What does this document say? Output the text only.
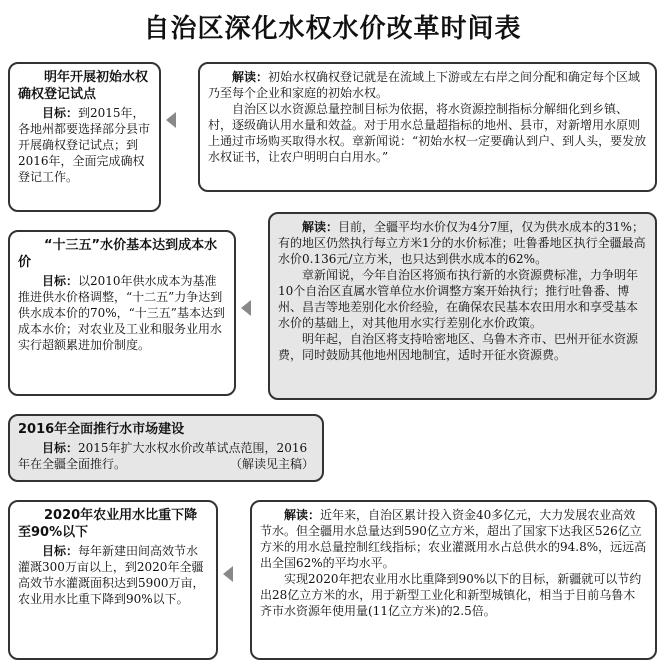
自治区深化水权水价改革时间表
明年开展初始水权确权登记试点

目标：到2015年，各地州都要选择部分县市开展确权登记试点；到2016年，全面完成确权登记工作。

解读：初始水权确权登记就是在流域上下游或左右岸之间分配和确定每个区域乃至每个企业和家庭的初始水权。

自治区以水资源总量控制目标为依据，将水资源控制指标分解细化到乡镇、村，逐级确认用水量和效益。对于用水总量超指标的地州、县市，对新增用水原则上通过市场购买取得水权。章新闻说：“初始水权一定要确认到户、到人头，要发放水权证书，让农户明明白白用水。”

“十三五”水价基本达到成本水价

目标：以2010年供水成本为基准推进供水价格调整，“十二五”力争达到供水成本价的70%，“十三五”基本达到成本水价；对农业及工业和服务业用水实行超额累进加价制度。

解读：目前，全疆平均水价仅为4分7厘，仅为供水成本的31%；有的地区仍然执行每立方米1分的水价标准；吐鲁番地区执行全疆最高水价0.136元/立方米，也只达到供水成本的62%。

章新闻说，今年自治区将颁布执行新的水资源费标准，力争明年10个自治区直属水管单位水价调整方案开始执行；推行吐鲁番、博州、昌吉等地差别化水价经验，在确保农民基本农田用水和享受基本水价的基础上，对其他用水实行差别化水价政策。

明年起，自治区将支持哈密地区、乌鲁木齐市、巴州开征水资源费，同时鼓励其他地州因地制宜，适时开征水资源费。

2016年全面推行水市场建设

目标：2015年扩大水权水价改革试点范围，2016年在全疆全面推行。	（解读见主稿）

2020年农业用水比重下降至90%以下

目标：每年新建田间高效节水灌溉300万亩以上，到2020年全疆高效节水灌溉面积达到5900万亩，农业用水比重下降到90%以下。

解读：近年来，自治区累计投入资金40多亿元，大力发展农业高效节水。但全疆用水总量达到590亿立方米，超出了国家下达我区526亿立方米的用水总量控制红线指标；农业灌溉用水占总供水的94.8%，远远高出全国62%的平均水平。

实现2020年把农业用水比重降到90%以下的目标，新疆就可以节约出28亿立方米的水，用于新型工业化和新型城镇化，相当于目前乌鲁木齐市水资源年使用量(11亿立方米)的2.5倍。
